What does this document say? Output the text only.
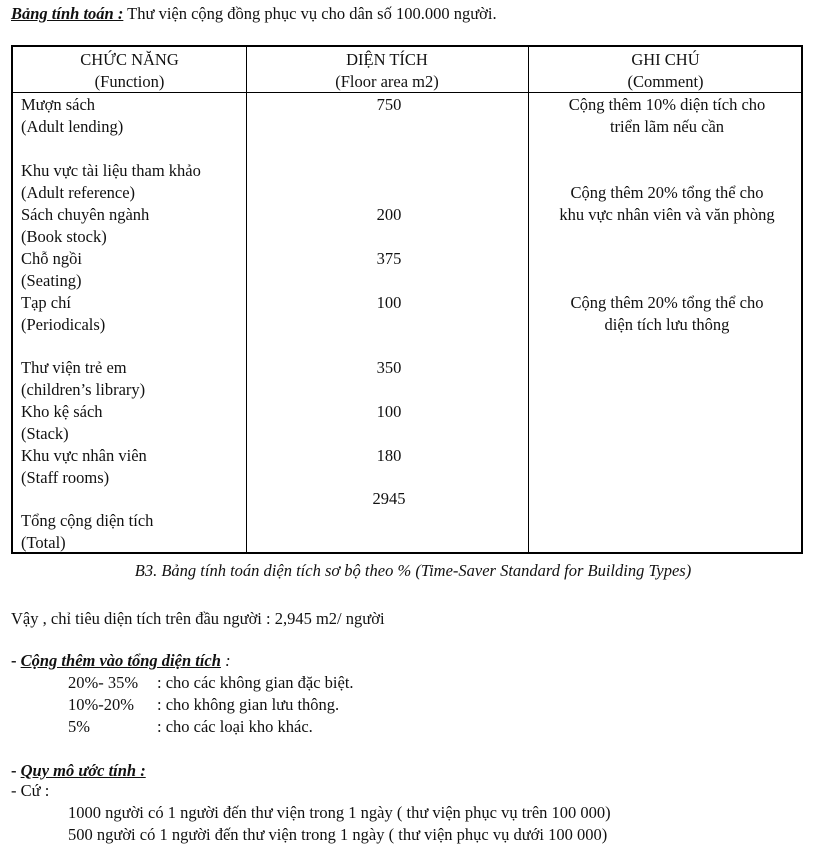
Bảng tính toán : Thư viện cộng đồng phục vụ cho dân số 100.000 người.
CHỨC NĂNG
(Function)
DIỆN TÍCH
(Floor area m2)
GHI CHÚ
(Comment)
Mượn sách
(Adult lending)
750
Khu vực tài liệu tham khảo
(Adult reference)
Sách chuyên ngành
(Book stock)
200
Chỗ ngồi
(Seating)
375
Tạp chí
(Periodicals)
100
Thư viện trẻ em
(children’s library)
350
Kho kệ sách
(Stack)
100
Khu vực nhân viên
(Staff rooms)
180
2945
Tổng cộng diện tích
(Total)
Cộng thêm 10% diện tích cho
triển lãm nếu cần
Cộng thêm 20% tổng thể cho
khu vực nhân viên và văn phòng
Cộng thêm 20% tổng thể cho
diện tích lưu thông
B3. Bảng tính toán diện tích sơ bộ theo % (Time-Saver Standard for Building Types)
Vậy , chỉ tiêu diện tích trên đầu người : 2,945 m2/ người
- Cộng thêm vào tổng diện tích :
20%- 35% : cho các không gian đặc biệt.
10%-20% : cho không gian lưu thông.
5%	: cho các loại kho khác.
- Quy mô ước tính :
- Cứ :
1000 người có 1 người đến thư viện trong 1 ngày ( thư viện phục vụ trên 100 000)
500 người có 1 người đến thư viện trong 1 ngày ( thư viện phục vụ dưới 100 000)
